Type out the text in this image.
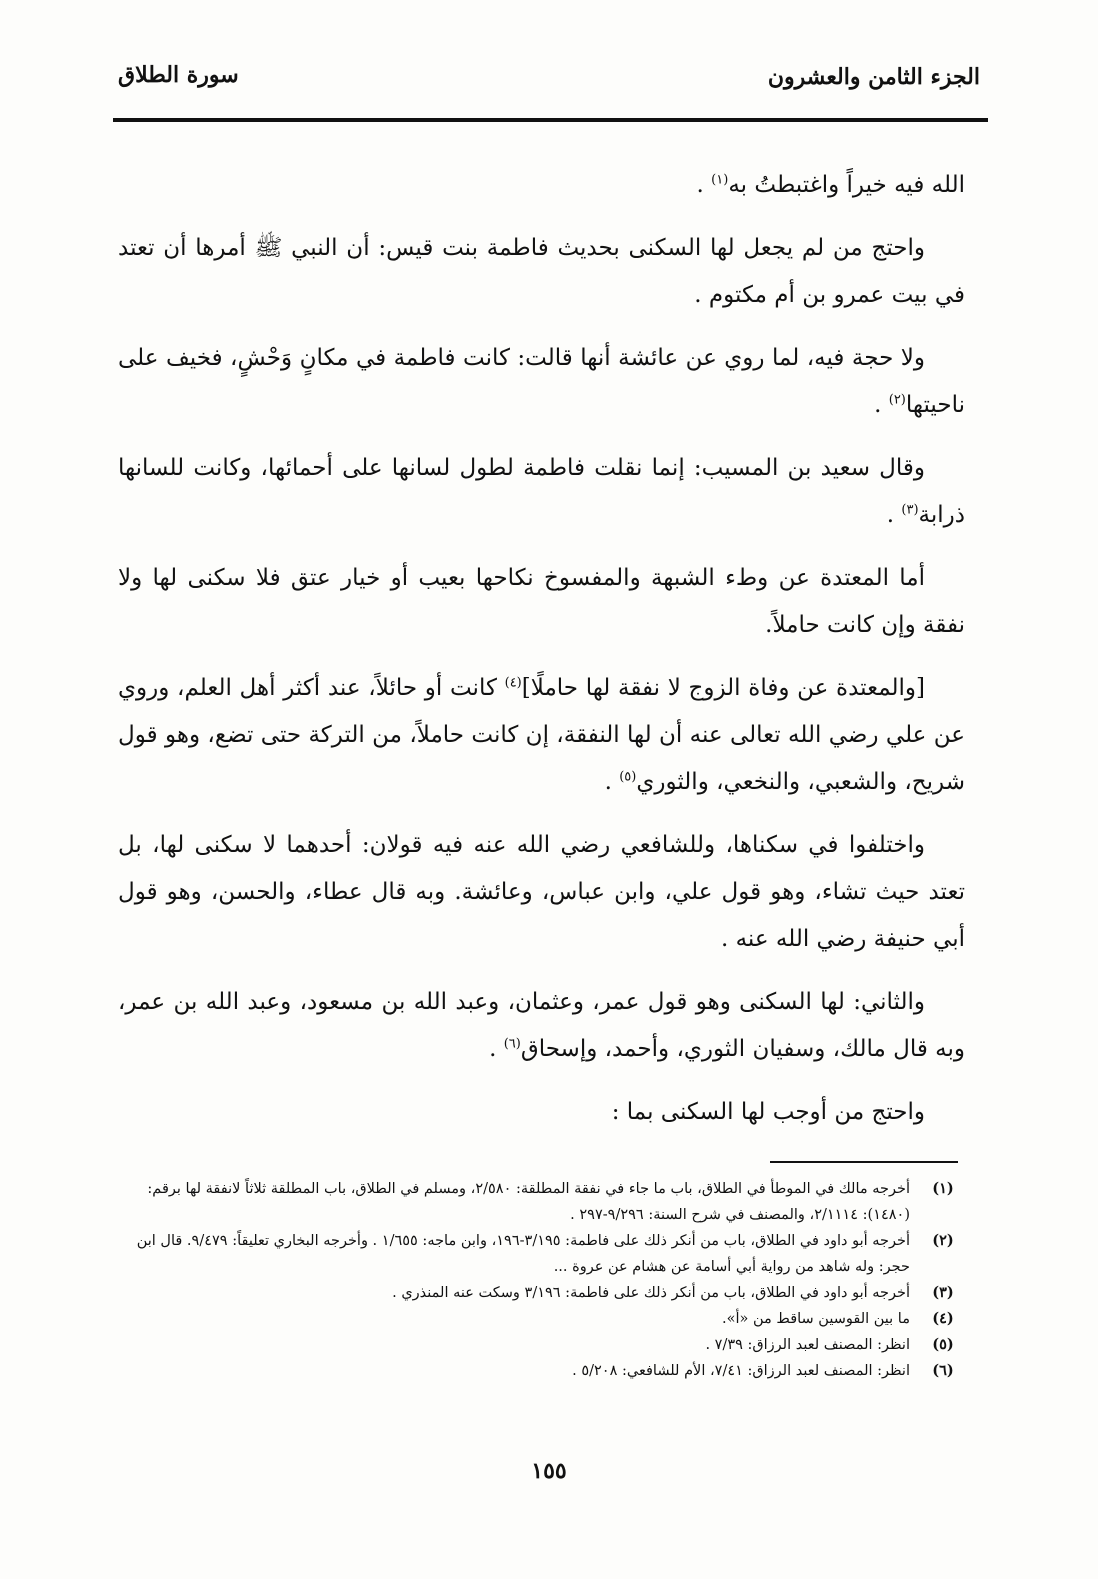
الجزء الثامن والعشرون
سورة الطلاق

الله فيه خيراً واغتبطتُ به$^{(١)}$ .

واحتج من لم يجعل لها السكنى بحديث فاطمة بنت قيس: أن النبي ﷺ أمرها أن تعتد في بيت عمرو بن أم مكتوم .

ولا حجة فيه، لما روي عن عائشة أنها قالت: كانت فاطمة في مكانٍ وَحْشٍ، فخيف على ناحيتها$^{(٢)}$ .

وقال سعيد بن المسيب: إنما نقلت فاطمة لطول لسانها على أحمائها، وكانت للسانها ذرابة$^{(٣)}$ .

أما المعتدة عن وطء الشبهة والمفسوخ نكاحها بعيب أو خيار عتق فلا سكنى لها ولا نفقة وإن كانت حاملاً.

[والمعتدة عن وفاة الزوج لا نفقة لها حاملًا]$^{(٤)}$ كانت أو حائلاً، عند أكثر أهل العلم، وروي عن علي رضي الله تعالى عنه أن لها النفقة، إن كانت حاملاً، من التركة حتى تضع، وهو قول شريح، والشعبي، والنخعي، والثوري$^{(٥)}$ .

واختلفوا في سكناها، وللشافعي رضي الله عنه فيه قولان: أحدهما لا سكنى لها، بل تعتد حيث تشاء، وهو قول علي، وابن عباس، وعائشة. وبه قال عطاء، والحسن، وهو قول أبي حنيفة رضي الله عنه .

والثاني: لها السكنى وهو قول عمر، وعثمان، وعبد الله بن مسعود، وعبد الله بن عمر، وبه قال مالك، وسفيان الثوري، وأحمد، وإسحاق$^{(٦)}$ .

واحتج من أوجب لها السكنى بما :

(١)
أخرجه مالك في الموطأ في الطلاق، باب ما جاء في نفقة المطلقة: ٢/٥٨٠، ومسلم في الطلاق، باب المطلقة ثلاثاً لانفقة لها برقم: (١٤٨٠): ٢/١١١٤، والمصنف في شرح السنة: ٩/٢٩٦-٢٩٧ .

(٢)
أخرجه أبو داود في الطلاق، باب من أنكر ذلك على فاطمة: ٣/١٩٥-١٩٦، وابن ماجه: ١/٦٥٥ . وأخرجه البخاري تعليقاً: ٩/٤٧٩. قال ابن حجر: وله شاهد من رواية أبي أسامة عن هشام عن عروة ...

(٣)
أخرجه أبو داود في الطلاق، باب من أنكر ذلك على فاطمة: ٣/١٩٦ وسكت عنه المنذري .

(٤)
ما بين القوسين ساقط من «أ».

(٥)
انظر: المصنف لعبد الرزاق: ٧/٣٩ .

(٦)
انظر: المصنف لعبد الرزاق: ٧/٤١، الأم للشافعي: ٥/٢٠٨ .

١٥٥
